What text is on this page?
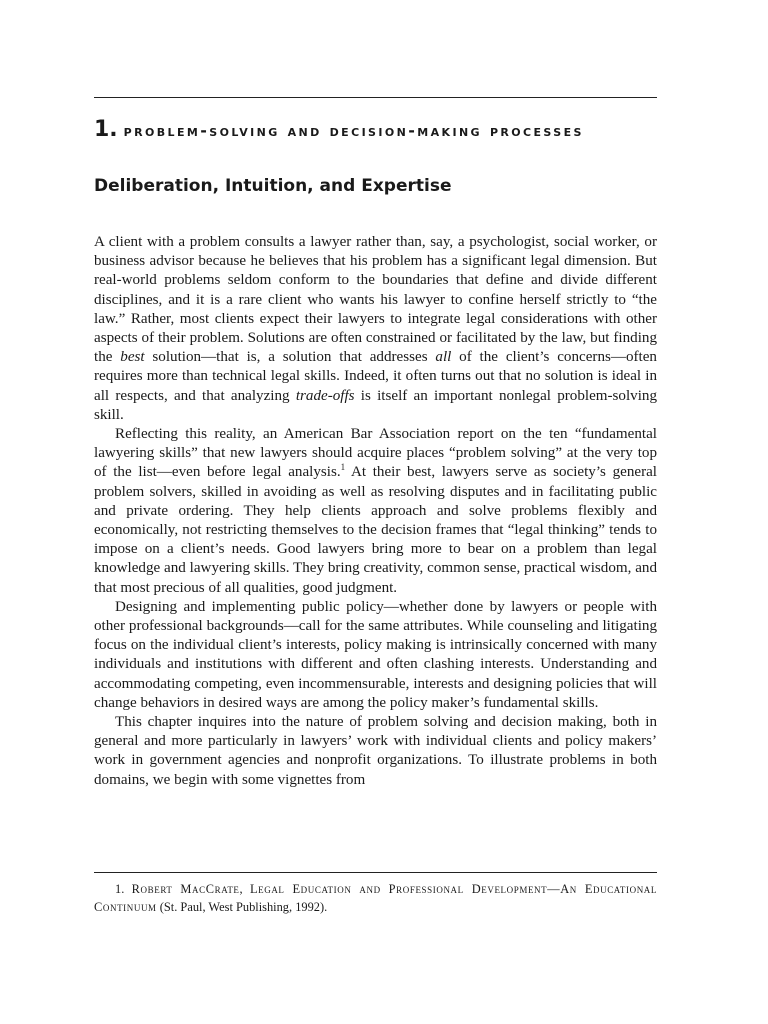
1. problem-solving and decision-making processes
Deliberation, Intuition, and Expertise

A client with a problem consults a lawyer rather than, say, a psychologist, social worker, or business advisor because he believes that his problem has a significant legal dimension. But real-world problems seldom conform to the boundaries that define and divide different disciplines, and it is a rare client who wants his lawyer to confine herself strictly to “the law.” Rather, most clients expect their lawyers to integrate legal considerations with other aspects of their problem. Solutions are often constrained or facilitated by the law, but finding the best solution—that is, a solution that addresses all of the client’s concerns—often requires more than technical legal skills. Indeed, it often turns out that no solution is ideal in all respects, and that analyzing trade-offs is itself an important nonlegal problem-solving skill.

Reflecting this reality, an American Bar Association report on the ten “fundamental lawyering skills” that new lawyers should acquire places “problem solving” at the very top of the list—even before legal analysis.$^1$ At their best, lawyers serve as society’s general problem solvers, skilled in avoiding as well as resolving disputes and in facilitating public and private ordering. They help clients approach and solve problems flexibly and economically, not restricting themselves to the decision frames that “legal thinking” tends to impose on a client’s needs. Good lawyers bring more to bear on a problem than legal knowledge and lawyering skills. They bring creativity, common sense, practical wisdom, and that most precious of all qualities, good judgment.

Designing and implementing public policy—whether done by lawyers or people with other professional backgrounds—call for the same attributes. While counseling and litigating focus on the individual client’s interests, policy making is intrinsically concerned with many individuals and institutions with different and often clashing interests. Understanding and accommodating competing, even incommensurable, interests and designing policies that will change behaviors in desired ways are among the policy maker’s fundamental skills.

This chapter inquires into the nature of problem solving and decision making, both in general and more particularly in lawyers’ work with individual clients and policy makers’ work in government agencies and nonprofit organizations. To illustrate problems in both domains, we begin with some vignettes from

1. Robert MacCrate, Legal Education and Professional Development—An Educational Continuum (St. Paul, West Publishing, 1992).
